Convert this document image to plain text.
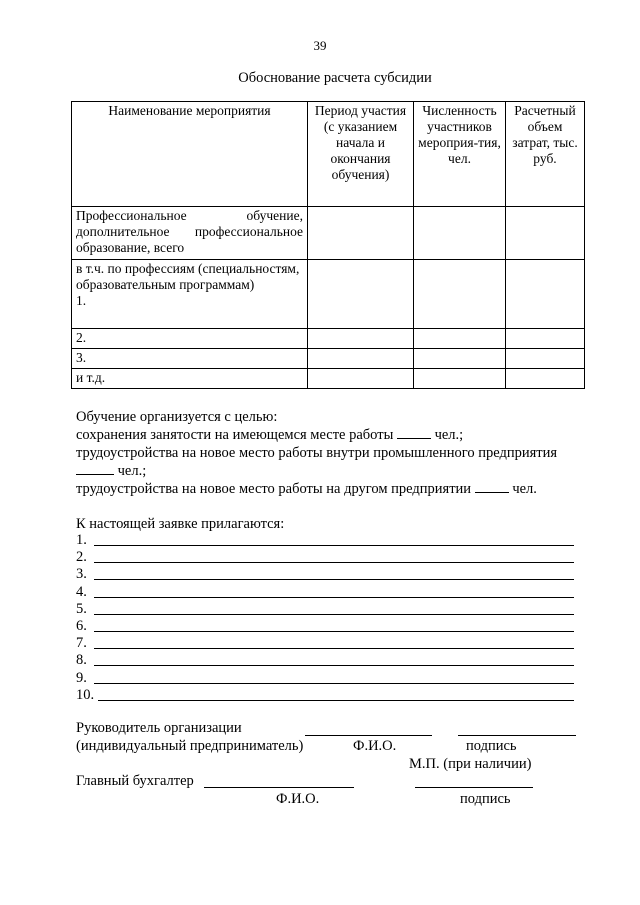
39
Обоснование расчета субсидии
Наименование мероприятия	Период участия (с указанием начала и окончания обучения)	Численность участников мероприя-тия, чел.	Расчетный объем затрат, тыс. руб.
Профессиональное обучение, дополнительное профессиональное образование, всего			
в т.ч. по профессиям (специальностям, образовательным программам)
1.			
2.			
3.			
и т.д.			
Обучение организуется с целью:
сохранения занятости на имеющемся месте работы	чел.;
трудоустройства на новое место работы внутри промышленного предприятия
чел.;
трудоустройства на новое место работы на другом предприятии	чел.
К настоящей заявке прилагаются:
1.
2.
3.
4.
5.
6.
7.
8.
9.
10.
Руководитель организации
(индивидуальный предприниматель)	Ф.И.О.	подпись
М.П. (при наличии)
Главный бухгалтер
Ф.И.О.	подпись
